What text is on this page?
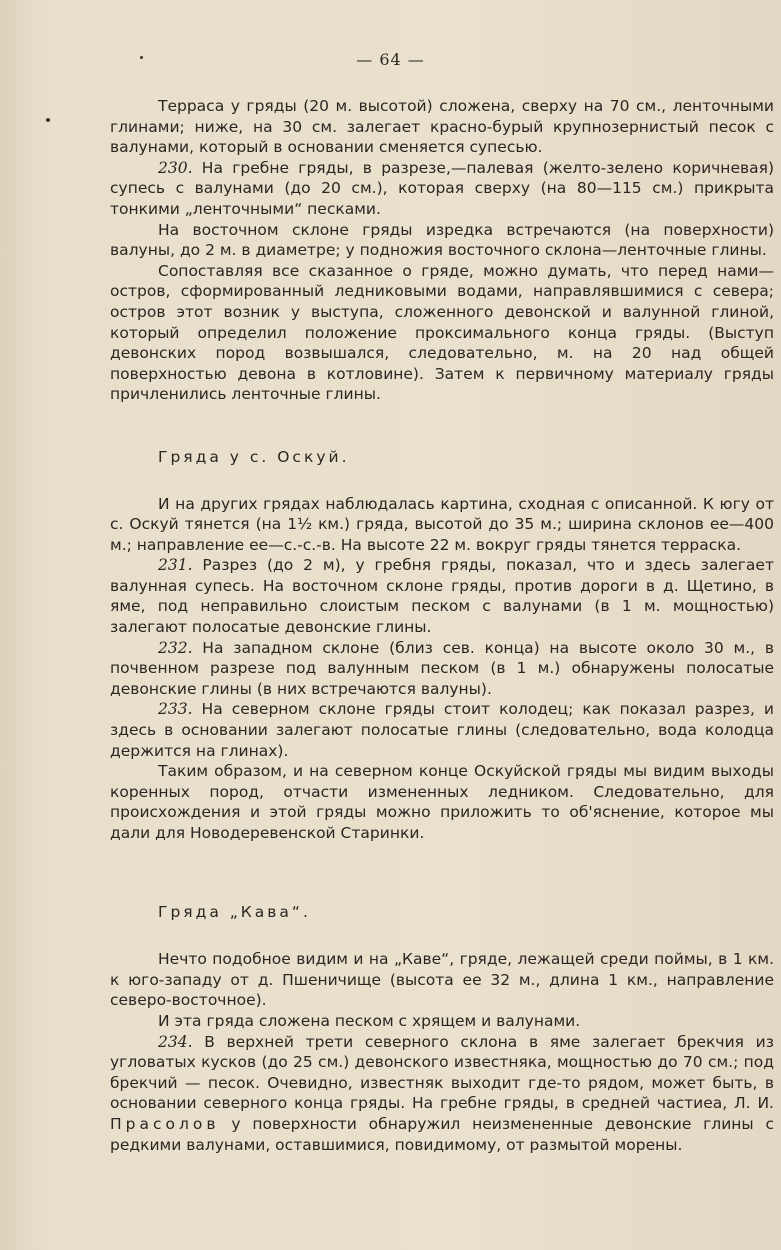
— 64 —

Терраса у гряды (20 м. высотой) сложена, сверху на 70 см., ленточными глинами; ниже, на 30 см. залегает красно-бурый крупнозернистый песок с валунами, который в основании сменяется супесью.

230. На гребне гряды, в разрезе,—палевая (желто-зелено коричневая) супесь с валунами (до 20 см.), которая сверху (на 80—115 см.) прикрыта тонкими „ленточными“ песками.

На восточном склоне гряды изредка встречаются (на поверхности) валуны, до 2 м. в диаметре; у подножия восточного склона—ленточные глины.

Сопоставляя все сказанное о гряде, можно думать, что перед нами—остров, сформированный ледниковыми водами, направлявшимися с севера; остров этот возник у выступа, сложенного девонской и валунной глиной, который определил положение проксимального конца гряды. (Выступ девонских пород возвышался, следовательно, м. на 20 над общей поверхностью девона в котловине). Затем к первичному материалу гряды причленились ленточные глины.

Гряда у с. Оскуй.

И на других грядах наблюдалась картина, сходная с описанной. К югу от с. Оскуй тянется (на 1½ км.) гряда, высотой до 35 м.; ширина склонов ее—400 м.; направление ее—с.-с.-в. На высоте 22 м. вокруг гряды тянется терраска.

231. Разрез (до 2 м), у гребня гряды, показал, что и здесь залегает валунная супесь. На восточном склоне гряды, против дороги в д. Щетино, в яме, под неправильно слоистым песком с валунами (в 1 м. мощностью) залегают полосатые девонские глины.

232. На западном склоне (близ сев. конца) на высоте около 30 м., в почвенном разрезе под валунным песком (в 1 м.) обнаружены полосатые девонские глины (в них встречаются валуны).

233. На северном склоне гряды стоит колодец; как показал разрез, и здесь в основании залегают полосатые глины (следовательно, вода колодца держится на глинах).

Таким образом, и на северном конце Оскуйской гряды мы видим выходы коренных пород, отчасти измененных ледником. Следовательно, для происхождения и этой гряды можно приложить то об'яснение, которое мы дали для Новодеревенской Старинки.

Гряда „Кава“.

Нечто подобное видим и на „Каве“, гряде, лежащей среди поймы, в 1 км. к юго-западу от д. Пшеничище (высота ее 32 м., длина 1 км., направление северо-восточное).

И эта гряда сложена песком с хрящем и валунами.

234. В верхней трети северного склона в яме залегает брекчия из угловатых кусков (до 25 см.) девонского известняка, мощностью до 70 см.; под брекчий — песок. Очевидно, известняк выходит где-то рядом, может быть, в основании северного конца гряды. На гребне гряды, в средней частиеа, Л. И. Прасолов у поверхности обнаружил неизмененные девонские глины с редкими валунами, оставшимися, повидимому, от размытой морены.
